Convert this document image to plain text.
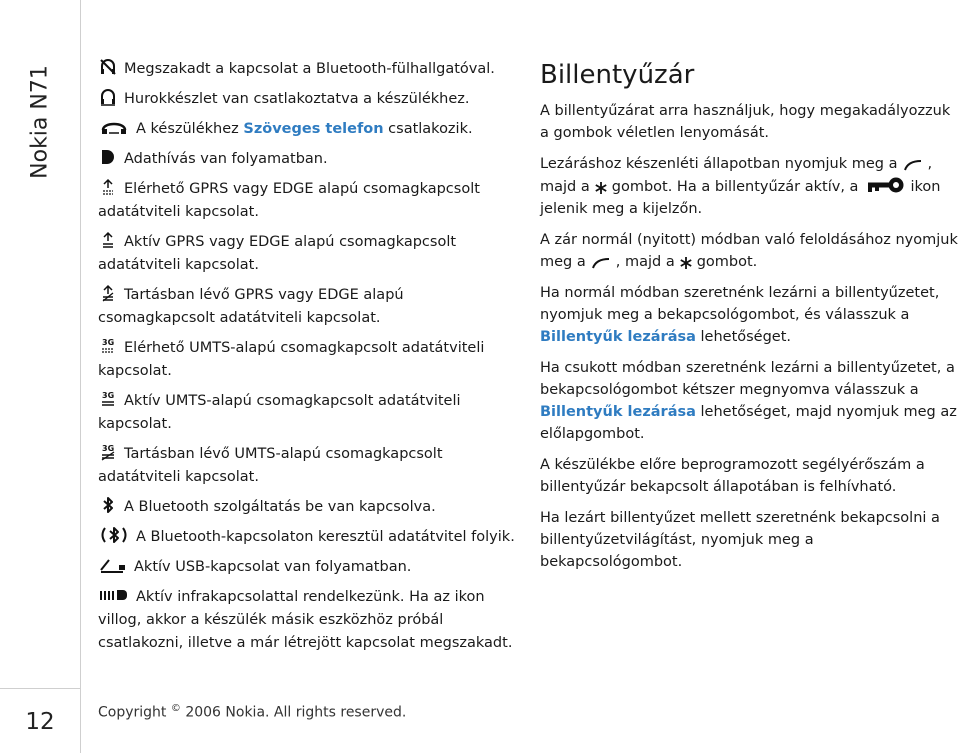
Nokia N71
12
Megszakadt a kapcsolat a Bluetooth-fülhallgatóval.
Hurokkészlet van csatlakoztatva a készülékhez.
A készülékhez Szöveges telefon csatlakozik.
Adathívás van folyamatban.
Elérhető GPRS vagy EDGE alapú csomagkapcsolt adatátviteli kapcsolat.
Aktív GPRS vagy EDGE alapú csomagkapcsolt adatátviteli kapcsolat.
Tartásban lévő GPRS vagy EDGE alapú csomagkapcsolt adatátviteli kapcsolat.
3G Elérhető UMTS-alapú csomagkapcsolt adatátviteli kapcsolat.
3G Aktív UMTS-alapú csomagkapcsolt adatátviteli kapcsolat.
3G Tartásban lévő UMTS-alapú csomagkapcsolt adatátviteli kapcsolat.
A Bluetooth szolgáltatás be van kapcsolva.
A Bluetooth-kapcsolaton keresztül adatátvitel folyik.
Aktív USB-kapcsolat van folyamatban.
Aktív infrakapcsolattal rendelkezünk. Ha az ikon villog, akkor a készülék másik eszközhöz próbál csatlakozni, illetve a már létrejött kapcsolat megszakadt.
Billentyűzár

A billentyűzárat arra használjuk, hogy megakadályozzuk a gombok véletlen lenyomását.

Lezáráshoz készenléti állapotban nyomjuk meg a , majd a gombot. Ha a billentyűzár aktív, a	ikon jelenik meg a kijelzőn.

A zár normál (nyitott) módban való feloldásához nyomjuk meg a , majd a gombot.

Ha normál módban szeretnénk lezárni a billentyűzetet, nyomjuk meg a bekapcsológombot, és válasszuk a Billentyűk lezárása lehetőséget.

Ha csukott módban szeretnénk lezárni a billentyűzetet, a bekapcsológombot kétszer megnyomva válasszuk a Billentyűk lezárása lehetőséget, majd nyomjuk meg az előlapgombot.

A készülékbe előre beprogramozott segélyérőszám a billentyűzár bekapcsolt állapotában is felhívható.

Ha lezárt billentyűzet mellett szeretnénk bekapcsolni a billentyűzetvilágítást, nyomjuk meg a bekapcsológombot.

Copyright © 2006 Nokia. All rights reserved.
